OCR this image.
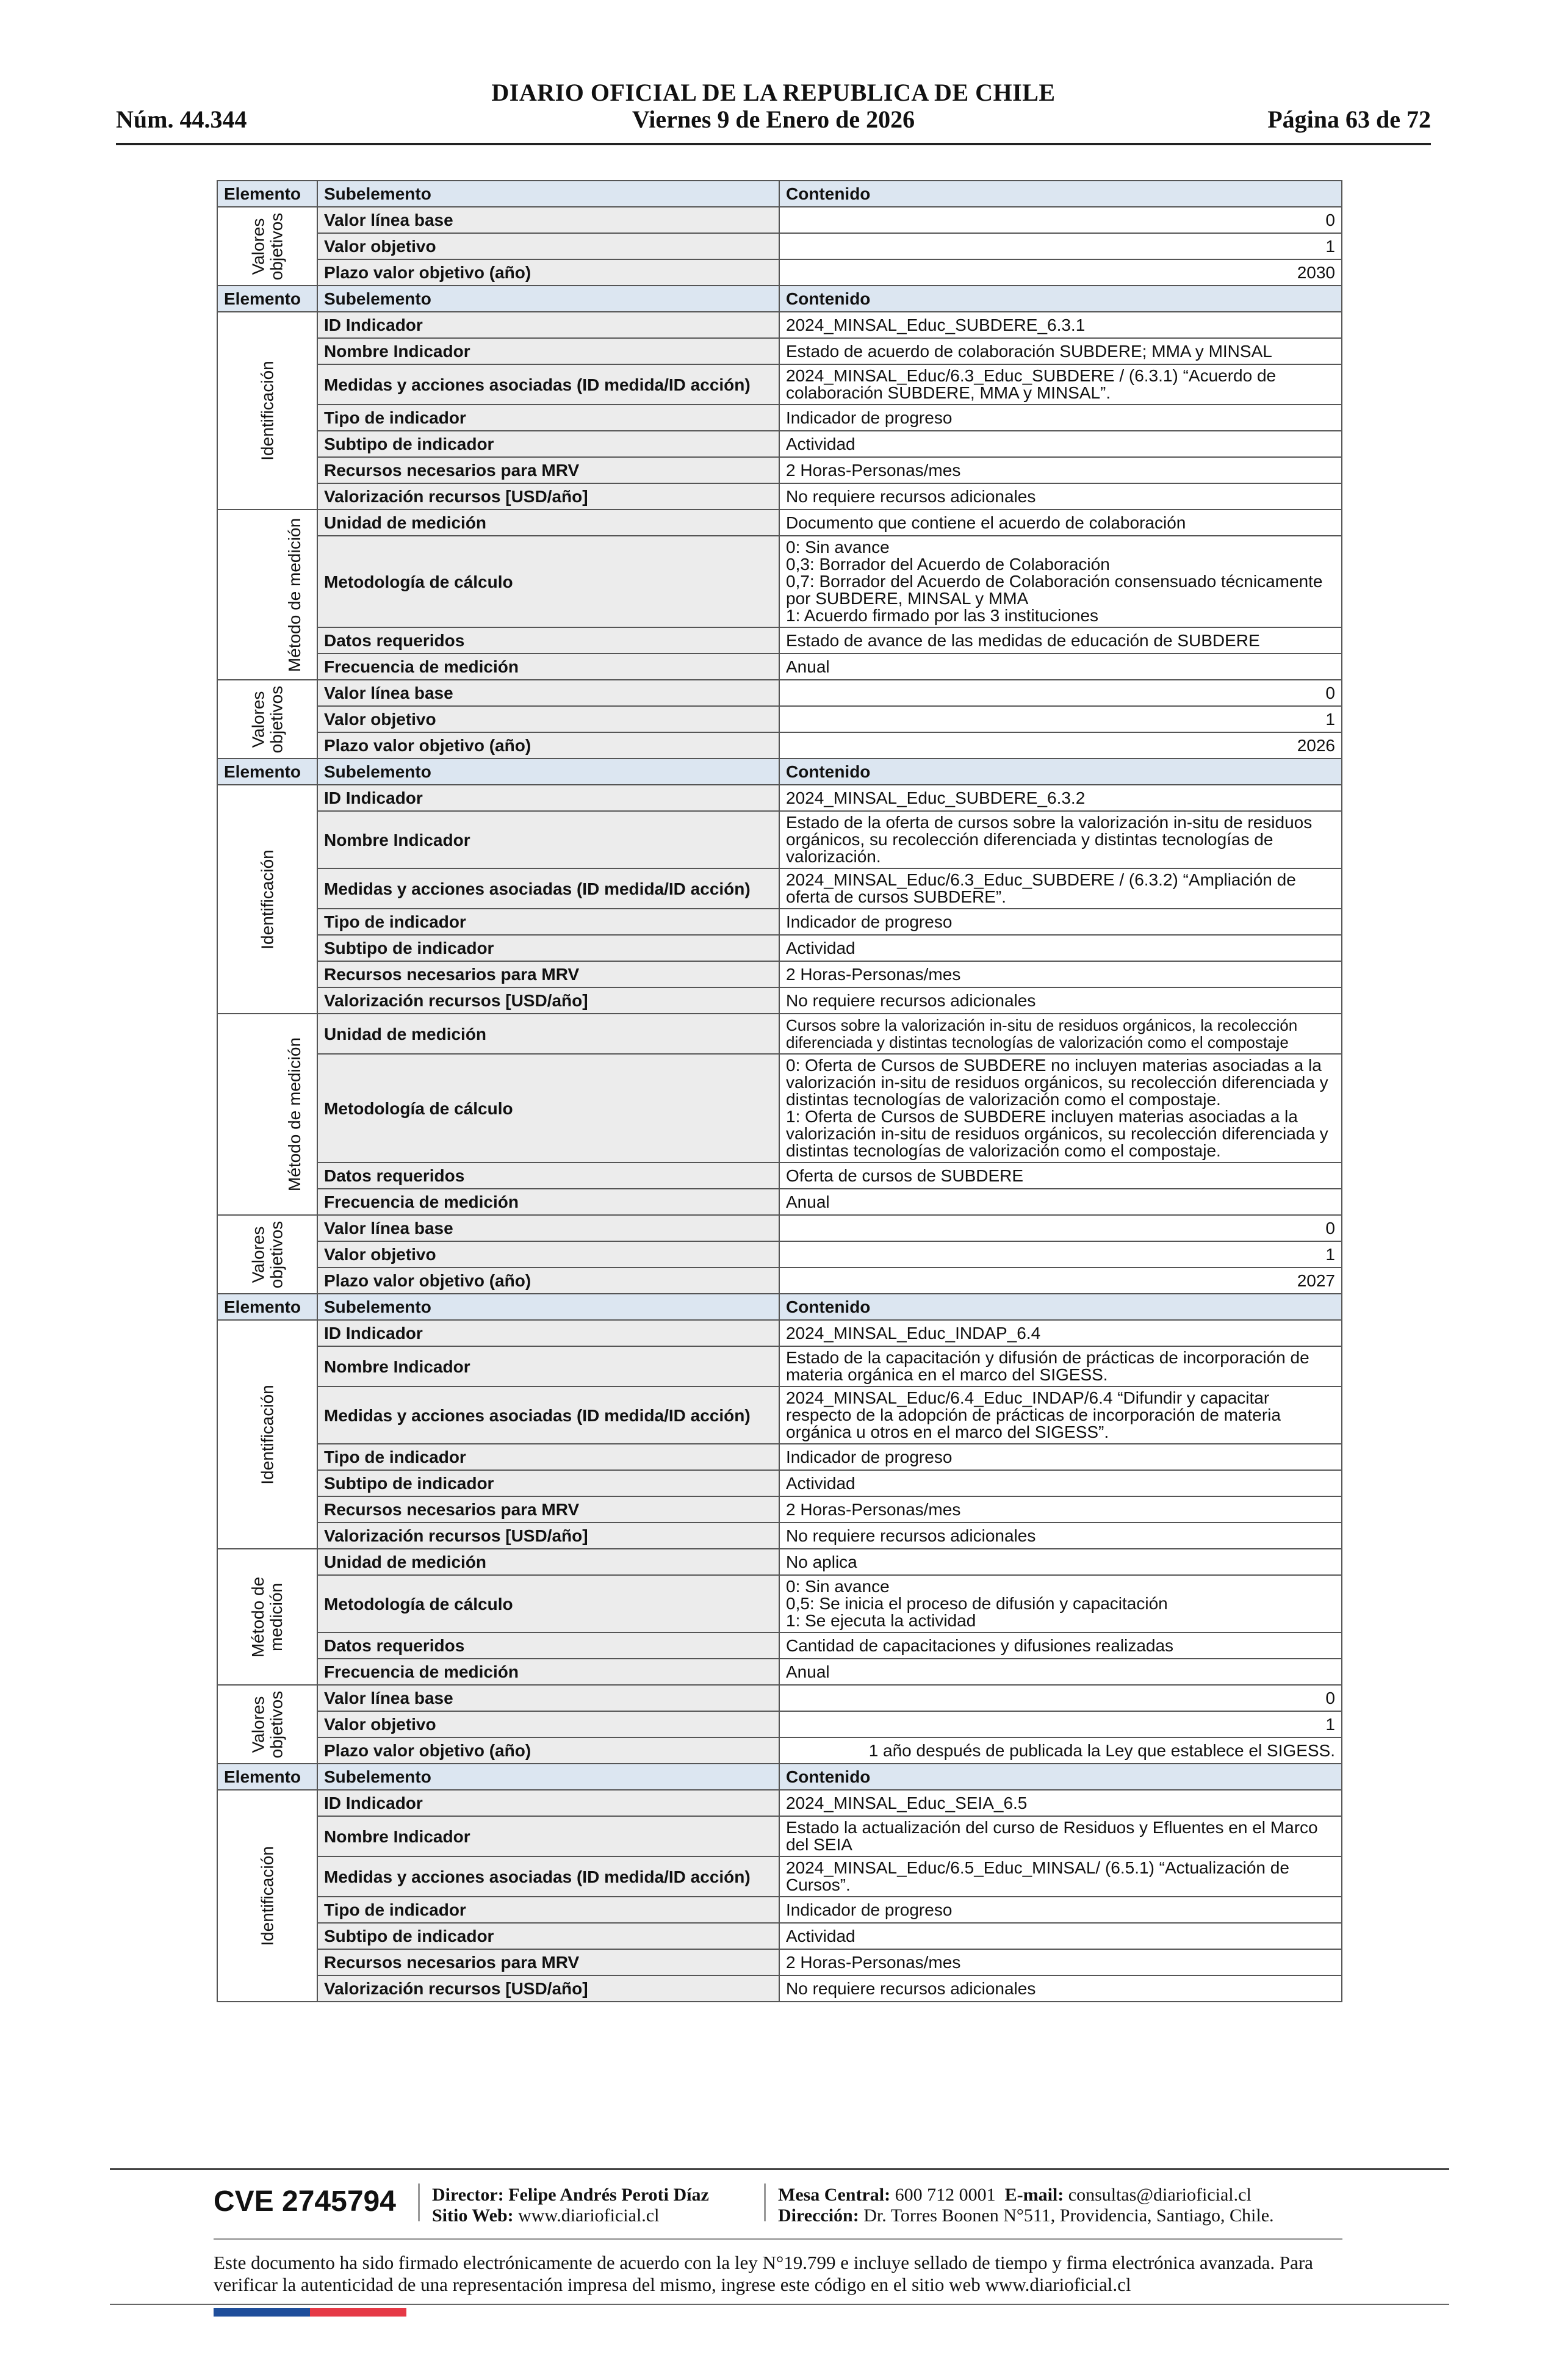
DIARIO OFICIAL DE LA REPUBLICA DE CHILE
Núm. 44.344	Viernes 9 de Enero de 2026	Página 63 de 72
Elemento	Subelemento	Contenido
Valores
objetivos	Valor línea base	0
	Valor objetivo	1
	Plazo valor objetivo (año)	2030
Elemento	Subelemento	Contenido
Identificación	ID Indicador	2024_MINSAL_Educ_SUBDERE_6.3.1
	Nombre Indicador	Estado de acuerdo de colaboración SUBDERE; MMA y MINSAL
	Medidas y acciones asociadas (ID medida/ID acción)	2024_MINSAL_Educ/6.3_Educ_SUBDERE / (6.3.1) “Acuerdo de colaboración SUBDERE, MMA y MINSAL”.
	Tipo de indicador	Indicador de progreso
	Subtipo de indicador	Actividad
	Recursos necesarios para MRV	2 Horas-Personas/mes
	Valorización recursos [USD/año]	No requiere recursos adicionales
Método de medición	Unidad de medición	Documento que contiene el acuerdo de colaboración
	Metodología de cálculo	0: Sin avance
0,3: Borrador del Acuerdo de Colaboración
0,7: Borrador del Acuerdo de Colaboración consensuado técnicamente por SUBDERE, MINSAL y MMA
1: Acuerdo firmado por las 3 instituciones

	Datos requeridos	Estado de avance de las medidas de educación de SUBDERE
	Frecuencia de medición	Anual
Valores
objetivos	Valor línea base	0
	Valor objetivo	1
	Plazo valor objetivo (año)	2026
Elemento	Subelemento	Contenido
Identificación	ID Indicador	2024_MINSAL_Educ_SUBDERE_6.3.2
	Nombre Indicador	Estado de la oferta de cursos sobre la valorización in-situ de residuos orgánicos, su recolección diferenciada y distintas tecnologías de valorización.
	Medidas y acciones asociadas (ID medida/ID acción)	2024_MINSAL_Educ/6.3_Educ_SUBDERE / (6.3.2) “Ampliación de oferta de cursos SUBDERE”.
	Tipo de indicador	Indicador de progreso
	Subtipo de indicador	Actividad
	Recursos necesarios para MRV	2 Horas-Personas/mes
	Valorización recursos [USD/año]	No requiere recursos adicionales
Método de medición	Unidad de medición	Cursos sobre la valorización in-situ de residuos orgánicos, la recolección diferenciada y distintas tecnologías de valorización como el compostaje
	Metodología de cálculo	0: Oferta de Cursos de SUBDERE no incluyen materias asociadas a la valorización in-situ de residuos orgánicos, su recolección diferenciada y distintas tecnologías de valorización como el compostaje.
1: Oferta de Cursos de SUBDERE incluyen materias asociadas a la valorización in-situ de residuos orgánicos, su recolección diferenciada y distintas tecnologías de valorización como el compostaje.

	Datos requeridos	Oferta de cursos de SUBDERE
	Frecuencia de medición	Anual
Valores
objetivos	Valor línea base	0
	Valor objetivo	1
	Plazo valor objetivo (año)	2027
Elemento	Subelemento	Contenido
Identificación	ID Indicador	2024_MINSAL_Educ_INDAP_6.4
	Nombre Indicador	Estado de la capacitación y difusión de prácticas de incorporación de materia orgánica en el marco del SIGESS.
	Medidas y acciones asociadas (ID medida/ID acción)	2024_MINSAL_Educ/6.4_Educ_INDAP/6.4 “Difundir y capacitar respecto de la adopción de prácticas de incorporación de materia orgánica u otros en el marco del SIGESS”.
	Tipo de indicador	Indicador de progreso
	Subtipo de indicador	Actividad
	Recursos necesarios para MRV	2 Horas-Personas/mes
	Valorización recursos [USD/año]	No requiere recursos adicionales
Método de
medición	Unidad de medición	No aplica
	Metodología de cálculo	0: Sin avance
0,5: Se inicia el proceso de difusión y capacitación
1: Se ejecuta la actividad

	Datos requeridos	Cantidad de capacitaciones y difusiones realizadas
	Frecuencia de medición	Anual
Valores
objetivos	Valor línea base	0
	Valor objetivo	1
	Plazo valor objetivo (año)	1 año después de publicada la Ley que establece el SIGESS.
Elemento	Subelemento	Contenido
Identificación	ID Indicador	2024_MINSAL_Educ_SEIA_6.5
	Nombre Indicador	Estado la actualización del curso de Residuos y Efluentes en el Marco del SEIA
	Medidas y acciones asociadas (ID medida/ID acción)	2024_MINSAL_Educ/6.5_Educ_MINSAL/ (6.5.1) “Actualización de Cursos”.
	Tipo de indicador	Indicador de progreso
	Subtipo de indicador	Actividad
	Recursos necesarios para MRV	2 Horas-Personas/mes
	Valorización recursos [USD/año]	No requiere recursos adicionales
CVE 2745794 Director: Felipe Andrés Peroti Díaz
Sitio Web: www.diarioficial.cl
Mesa Central: 600 712 0001 E-mail: consultas@diarioficial.cl
Dirección: Dr. Torres Boonen N°511, Providencia, Santiago, Chile.
Este documento ha sido firmado electrónicamente de acuerdo con la ley N°19.799 e incluye sellado de tiempo y firma electrónica avanzada. Para verificar la autenticidad de una representación impresa del mismo, ingrese este código en el sitio web www.diarioficial.cl
